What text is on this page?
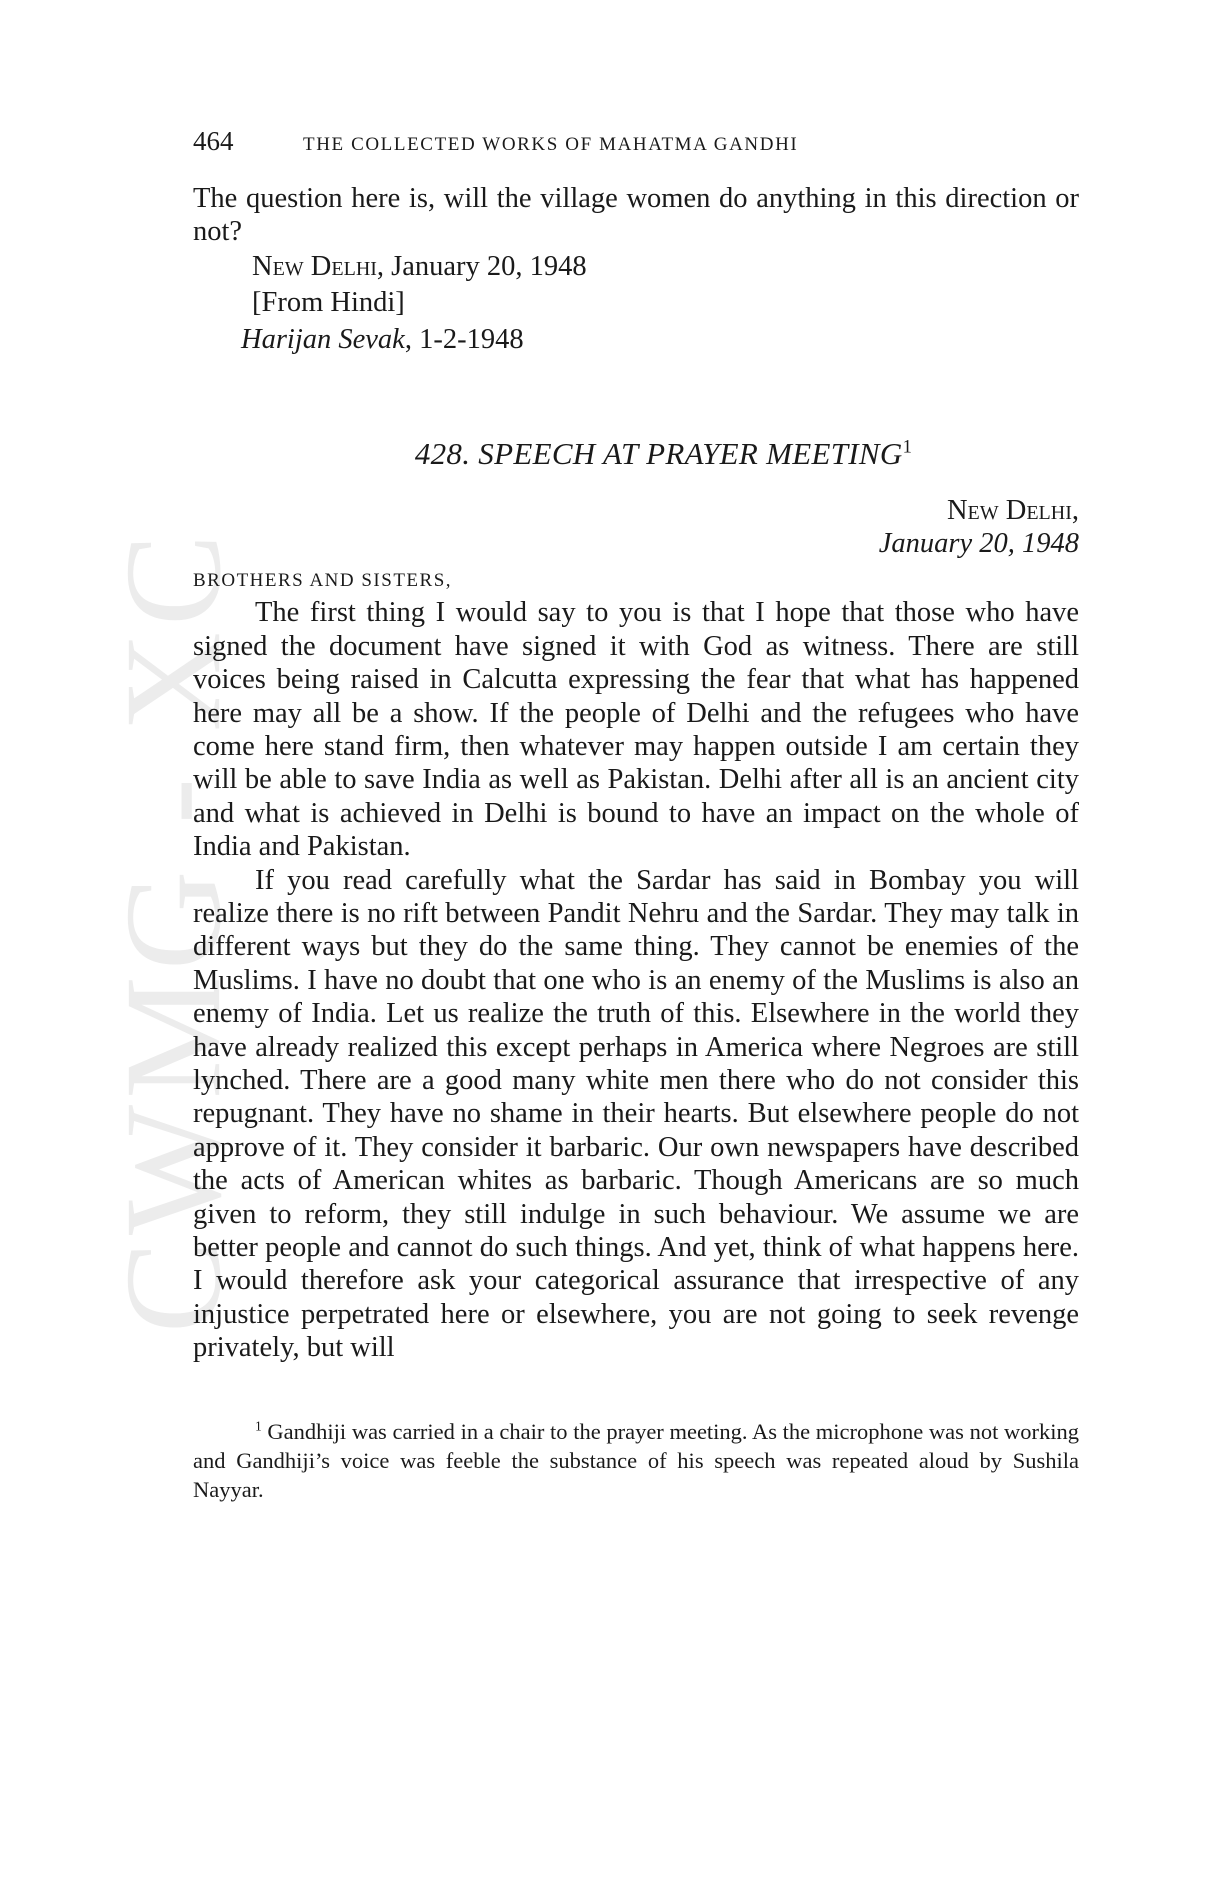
CWMG - XC
464	THE COLLECTED WORKS OF MAHATMA GANDHI

The question here is, will the village women do anything in this direction or not?

New Delhi, January 20, 1948
[From Hindi]
Harijan Sevak, 1-2-1948
428. SPEECH AT PRAYER MEETING$^1$
New Delhi,
January 20, 1948
BROTHERS AND SISTERS,

The first thing I would say to you is that I hope that those who have signed the document have signed it with God as witness. There are still voices being raised in Calcutta expressing the fear that what has happened here may all be a show. If the people of Delhi and the refugees who have come here stand firm, then whatever may happen outside I am certain they will be able to save India as well as Pakistan. Delhi after all is an ancient city and what is achieved in Delhi is bound to have an impact on the whole of India and Pakistan.

If you read carefully what the Sardar has said in Bombay you will realize there is no rift between Pandit Nehru and the Sardar. They may talk in different ways but they do the same thing. They cannot be enemies of the Muslims. I have no doubt that one who is an enemy of the Muslims is also an enemy of India. Let us realize the truth of this. Elsewhere in the world they have already realized this except perhaps in America where Negroes are still lynched. There are a good many white men there who do not consider this repugnant. They have no shame in their hearts. But elsewhere people do not approve of it. They consider it barbaric. Our own newspapers have described the acts of American whites as barbaric. Though Americans are so much given to reform, they still indulge in such behaviour. We assume we are better people and cannot do such things. And yet, think of what happens here. I would therefore ask your categorical assurance that irrespective of any injustice perpetrated here or elsewhere, you are not going to seek revenge privately, but will

$^1$ Gandhiji was carried in a chair to the prayer meeting. As the microphone was not working and Gandhiji’s voice was feeble the substance of his speech was repeated aloud by Sushila Nayyar.
